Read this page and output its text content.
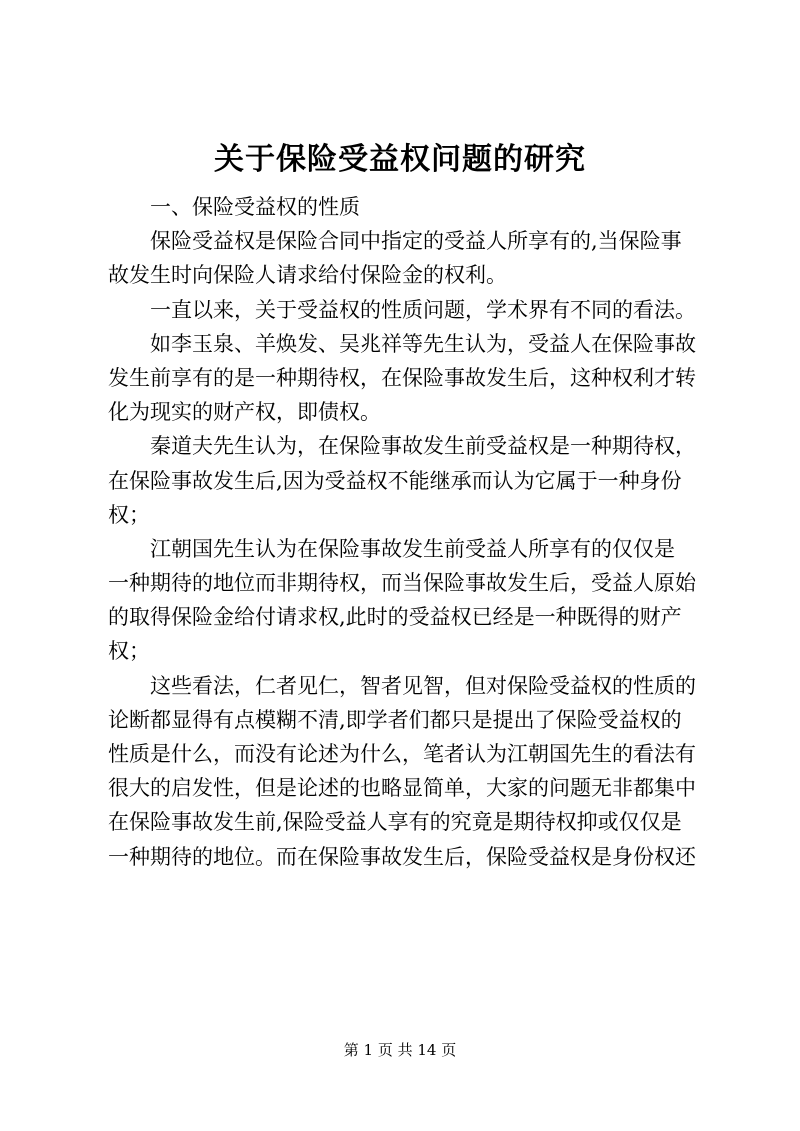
关于保险受益权问题的研究
一、保险受益权的性质
保险受益权是保险合同中指定的受益人所享有的,当保险事
故发生时向保险人请求给付保险金的权利。
一直以来，关于受益权的性质问题，学术界有不同的看法。
如李玉泉、羊焕发、吴兆祥等先生认为，受益人在保险事故
发生前享有的是一种期待权，在保险事故发生后，这种权利才转
化为现实的财产权，即债权。
秦道夫先生认为，在保险事故发生前受益权是一种期待权，
在保险事故发生后,因为受益权不能继承而认为它属于一种身份
权；
江朝国先生认为在保险事故发生前受益人所享有的仅仅是
一种期待的地位而非期待权，而当保险事故发生后，受益人原始
的取得保险金给付请求权,此时的受益权已经是一种既得的财产
权；
这些看法，仁者见仁，智者见智，但对保险受益权的性质的
论断都显得有点模糊不清,即学者们都只是提出了保险受益权的
性质是什么，而没有论述为什么，笔者认为江朝国先生的看法有
很大的启发性，但是论述的也略显简单，大家的问题无非都集中
在保险事故发生前,保险受益人享有的究竟是期待权抑或仅仅是
一种期待的地位。而在保险事故发生后，保险受益权是身份权还
第 1 页 共 14 页
